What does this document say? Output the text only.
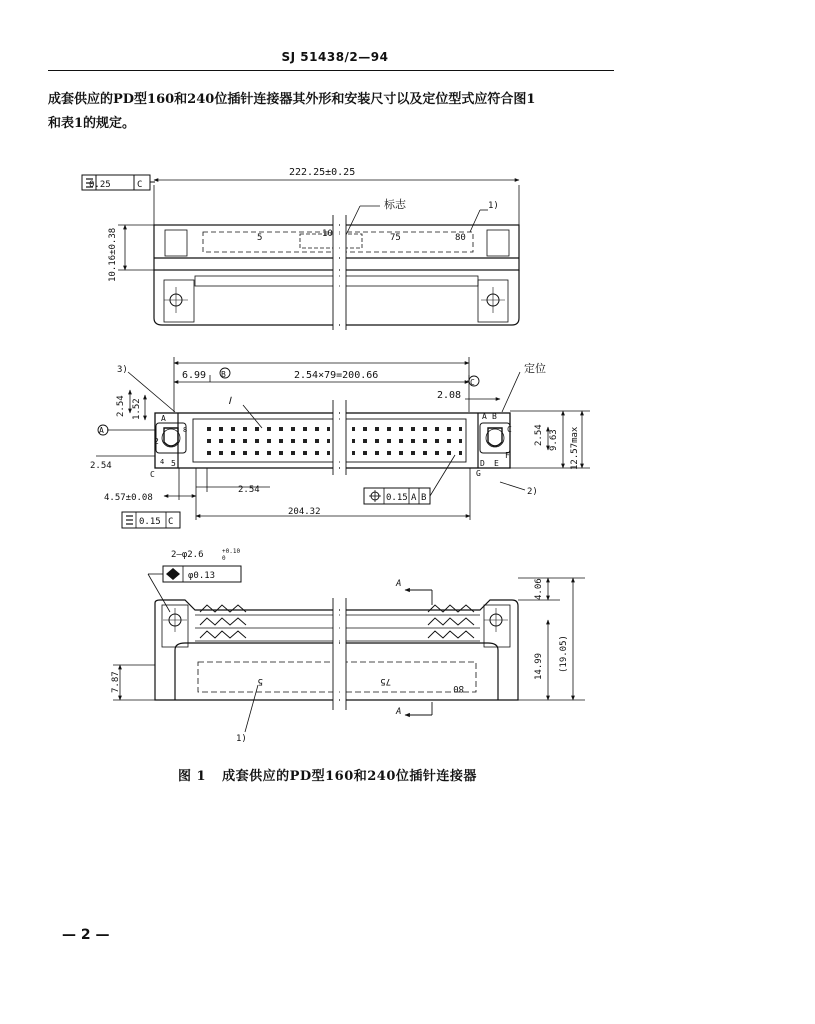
SJ 51438/2—94

成套供应的PD型160和240位插针连接器其外形和安装尺寸以及定位型式应符合图1

和表1的规定。

0.25	C
222.25±0.25
10.16±0.38
标志	1)
5	10	75	80
3)	6.99 B	2.54×79=200.66
C
定位
2.08
Ⅰ
2.54 1.52
A
2.54
2.54 9.63 12.57max
2)
A
2
8
4 5
C
A B
C
D E
F
G
4.57±0.08
2.54
204.32
0.15 A B
0.15 C
2—φ2.6	+0.10
0
φ0.13
A
A
7.87
4.06
14.99 (19.05)
5	75
80
1)
图 1 成套供应的PD型160和240位插针连接器
— 2 —
